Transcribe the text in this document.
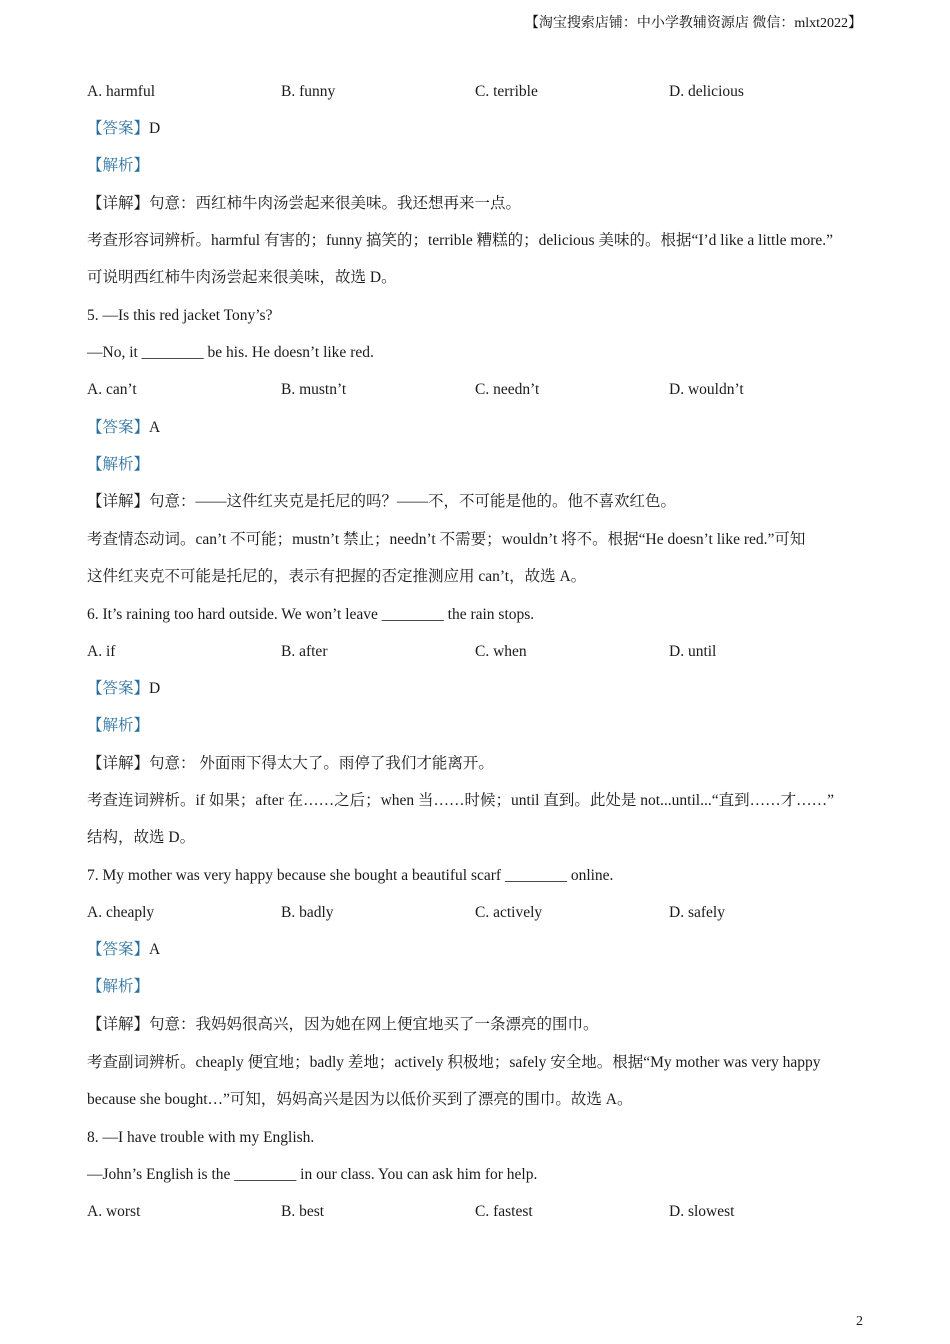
【淘宝搜索店铺：中小学教辅资源店 微信：mlxt2022】
A. harmful	B. funny	C. terrible	D. delicious
【答案】D
【解析】
【详解】句意：西红柿牛肉汤尝起来很美味。我还想再来一点。
考查形容词辨析。harmful 有害的；funny 搞笑的；terrible 糟糕的；delicious 美味的。根据“I’d like a little more.”
可说明西红柿牛肉汤尝起来很美味，故选 D。
5. —Is this red jacket Tony’s?
—No, it ________ be his. He doesn’t like red.
A. can’t	B. mustn’t	C. needn’t	D. wouldn’t
【答案】A
【解析】
【详解】句意：——这件红夹克是托尼的吗？——不，不可能是他的。他不喜欢红色。
考查情态动词。can’t 不可能；mustn’t 禁止；needn’t 不需要；wouldn’t 将不。根据“He doesn’t like red.”可知
这件红夹克不可能是托尼的，表示有把握的否定推测应用 can’t，故选 A。
6. It’s raining too hard outside. We won’t leave ________ the rain stops.
A. if	B. after	C. when	D. until
【答案】D
【解析】
【详解】句意： 外面雨下得太大了。雨停了我们才能离开。
考查连词辨析。if 如果；after 在……之后；when 当……时候；until 直到。此处是 not...until...“直到……才……”
结构，故选 D。
7. My mother was very happy because she bought a beautiful scarf ________ online.
A. cheaply	B. badly	C. actively	D. safely
【答案】A
【解析】
【详解】句意：我妈妈很高兴，因为她在网上便宜地买了一条漂亮的围巾。
考查副词辨析。cheaply 便宜地；badly 差地；actively 积极地；safely 安全地。根据“My mother was very happy
because she bought…”可知，妈妈高兴是因为以低价买到了漂亮的围巾。故选 A。
8. —I have trouble with my English.
—John’s English is the ________ in our class. You can ask him for help.
A. worst	B. best	C. fastest	D. slowest
2
